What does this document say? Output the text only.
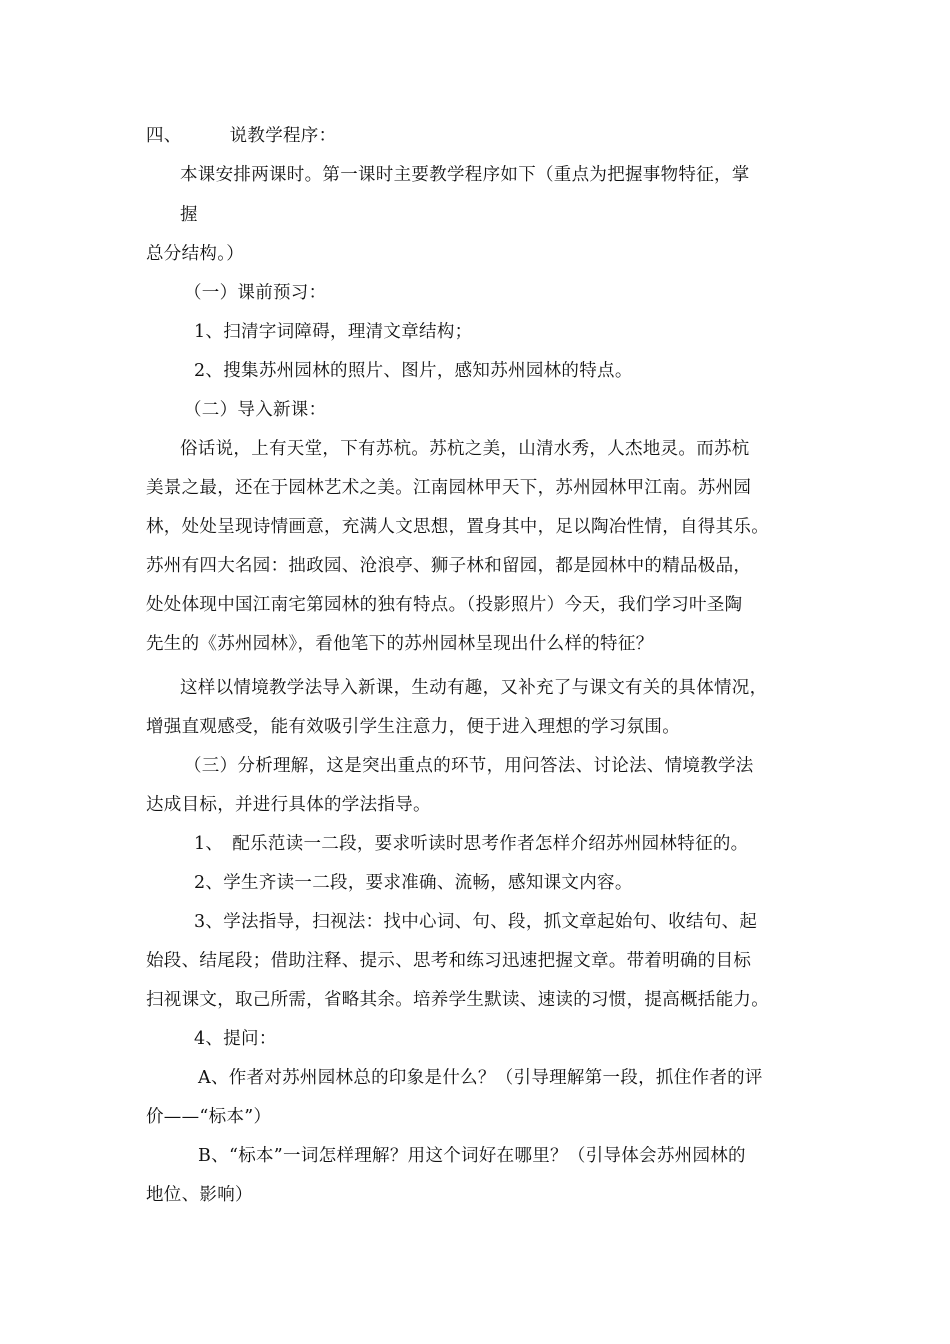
四、	说教学程序：
本课安排两课时。第一课时主要教学程序如下（重点为把握事物特征，掌
握
总分结构。）
（一）课前预习：
1、扫清字词障碍，理清文章结构；
2、搜集苏州园林的照片、图片，感知苏州园林的特点。
（二）导入新课：
俗话说，上有天堂，下有苏杭。苏杭之美，山清水秀，人杰地灵。而苏杭
美景之最，还在于园林艺术之美。江南园林甲天下，苏州园林甲江南。苏州园
林，处处呈现诗情画意，充满人文思想，置身其中，足以陶冶性情，自得其乐。
苏州有四大名园：拙政园、沧浪亭、狮子林和留园，都是园林中的精品极品，
处处体现中国江南宅第园林的独有特点。（投影照片）今天，我们学习叶圣陶
先生的《苏州园林》，看他笔下的苏州园林呈现出什么样的特征？
这样以情境教学法导入新课，生动有趣，又补充了与课文有关的具体情况，
增强直观感受，能有效吸引学生注意力，便于进入理想的学习氛围。
（三）分析理解，这是突出重点的环节，用问答法、讨论法、情境教学法
达成目标，并进行具体的学法指导。
1、　配乐范读一二段，要求听读时思考作者怎样介绍苏州园林特征的。
2、学生齐读一二段，要求准确、流畅，感知课文内容。
3、学法指导，扫视法：找中心词、句、段，抓文章起始句、收结句、起
始段、结尾段；借助注释、提示、思考和练习迅速把握文章。带着明确的目标
扫视课文，取己所需，省略其余。培养学生默读、速读的习惯，提高概括能力。
4、提问：
A、作者对苏州园林总的印象是什么？（引导理解第一段，抓住作者的评
价——“标本”）
B、“标本”一词怎样理解？用这个词好在哪里？（引导体会苏州园林的
地位、影响）
